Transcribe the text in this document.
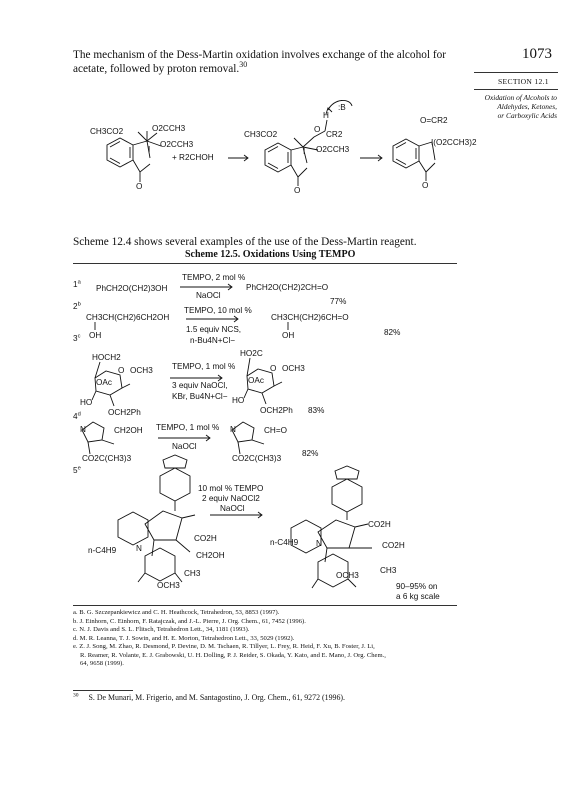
The mechanism of the Dess-Martin oxidation involves exchange of the alcohol for acetate, followed by proton removal.$^{30}$
1073
SECTION 12.1
Oxidation of Alcohols to
Aldehydes, Ketones,
or Carboxylic Acids
CH3CO2	O2CCH3
O2CCH3
I
O
+ R2CHOH
CH3CO2
O
CR2
H
:B
I O2CCH3
O
O=CR2
I(O2CCH3)2
O
Scheme 12.4 shows several examples of the use of the Dess-Martin reagent.
Scheme 12.5. Oxidations Using TEMPO
1$^a$
PhCH2O(CH2)3OH
TEMPO, 2 mol %
NaOCl
PhCH2O(CH2)2CH=O
77%
2$^b$
CH3CH(CH2)6CH2OH
OH
TEMPO, 10 mol %
1.5 equiv NCS,
n-Bu4N+Cl−
CH3CH(CH2)6CH=O
OH	82%
3$^c$
HOCH2
O OCH3
OAc
HO
OCH2Ph
TEMPO, 1 mol %
3 equiv NaOCl,
KBr, Bu4N+Cl−
HO2C
O OCH3
OAc
HO
OCH2Ph 83%
4$^d$
N	CH2OH
CO2C(CH3)3
TEMPO, 1 mol %
NaOCl
N	CH=O
CO2C(CH3)3
82%
5e
10 mol % TEMPO
2 equiv NaOCl2
NaOCl
CO2H
n-C4H9 N
CH2OH
CH3
OCH3
CO2H
n-C4H9 N	CO2H
CH3
OCH3
90–95% on
a 6 kg scale
a. B. G. Szczepankiewicz and C. H. Heathcock, Tetrahedron, 53, 8853 (1997).
b. J. Einhorn, C. Einhorn, F. Ratajczak, and J.-L. Pierre, J. Org. Chem., 61, 7452 (1996).
c. N. J. Davis and S. L. Flitsch, Tetrahedron Lett., 34, 1181 (1993).
d. M. R. Leanna, T. J. Sowin, and H. E. Morton, Tetrahedron Lett., 33, 5029 (1992).
e. Z. J. Song, M. Zhao, R. Desmond, P. Devine, D. M. Tschaen, R. Tillyer, L. Frey, R. Heid, F. Xu, B. Foster, J. Li,
R. Reamer, R. Volante, E. J. Grabowski, U. H. Dolling, P. J. Reider, S. Okada, Y. Kato, and E. Mano, J. Org. Chem.,
64, 9658 (1999).
$^{30}$ S. De Munari, M. Frigerio, and M. Santagostino, J. Org. Chem., 61, 9272 (1996).
